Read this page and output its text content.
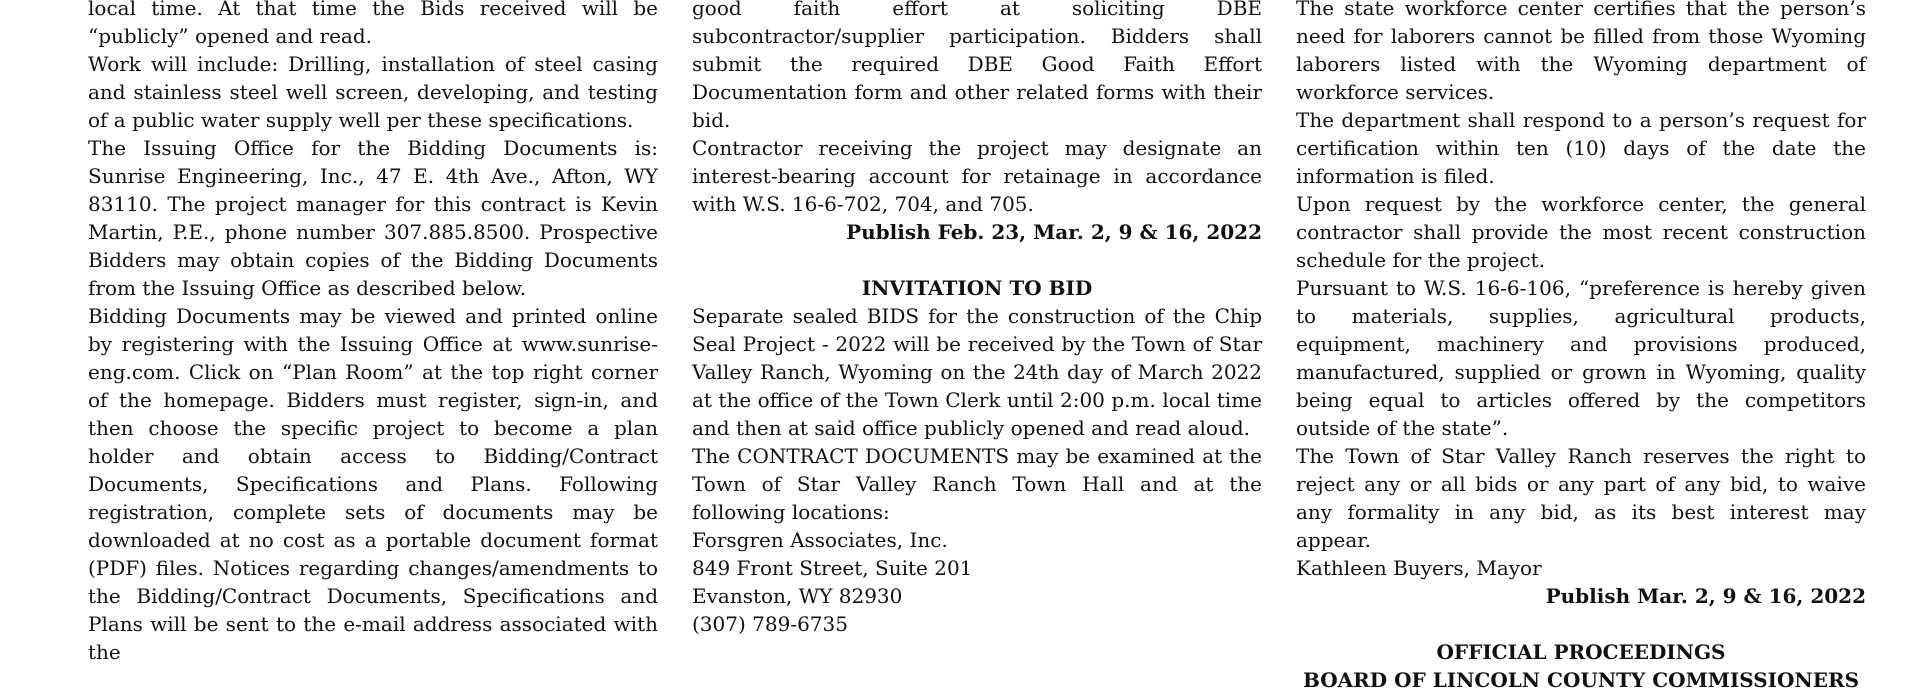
local time. At that time the Bids received will be “publicly” opened and read.

Work will include: Drilling, installation of steel casing and stainless steel well screen, developing, and testing of a public water supply well per these specifications.

The Issuing Office for the Bidding Documents is: Sunrise Engineering, Inc., 47 E. 4th Ave., Afton, WY 83110. The project manager for this contract is Kevin Martin, P.E., phone number 307.885.8500. Prospective Bidders may obtain copies of the Bidding Documents from the Issuing Office as described below.

Bidding Documents may be viewed and printed online by registering with the Issuing Office at www.sunrise-eng.com. Click on “Plan Room” at the top right corner of the homepage. Bidders must register, sign-in, and then choose the specific project to become a plan holder and obtain access to Bidding/Contract Documents, Specifications and Plans. Following registration, complete sets of documents may be downloaded at no cost as a portable document format (PDF) files. Notices regarding changes/amendments to the Bidding/Contract Documents, Specifications and Plans will be sent to the e-mail address associated with the

good faith effort at soliciting DBE subcontractor/supplier participation. Bidders shall submit the required DBE Good Faith Effort Documentation form and other related forms with their bid.

Contractor receiving the project may designate an interest-bearing account for retainage in accordance with W.S. 16-6-702, 704, and 705.

Publish Feb. 23, Mar. 2, 9 & 16, 2022

INVITATION TO BID

Separate sealed BIDS for the construction of the Chip Seal Project - 2022 will be received by the Town of Star Valley Ranch, Wyoming on the 24th day of March 2022 at the office of the Town Clerk until 2:00 p.m. local time and then at said office publicly opened and read aloud.

The CONTRACT DOCUMENTS may be examined at the Town of Star Valley Ranch Town Hall and at the following locations:

Forsgren Associates, Inc.

849 Front Street, Suite 201

Evanston, WY 82930

(307) 789-6735

The state workforce center certifies that the person’s need for laborers cannot be filled from those Wyoming laborers listed with the Wyoming department of workforce services.

The department shall respond to a person’s request for certification within ten (10) days of the date the information is filed.

Upon request by the workforce center, the general contractor shall provide the most recent construction schedule for the project.

Pursuant to W.S. 16-6-106, “preference is hereby given to materials, supplies, agricultural products, equipment, machinery and provisions produced, manufactured, supplied or grown in Wyoming, quality being equal to articles offered by the competitors outside of the state”.

The Town of Star Valley Ranch reserves the right to reject any or all bids or any part of any bid, to waive any formality in any bid, as its best interest may appear.

Kathleen Buyers, Mayor

Publish Mar. 2, 9 & 16, 2022

OFFICIAL PROCEEDINGS

BOARD OF LINCOLN COUNTY COMMISSIONERS
